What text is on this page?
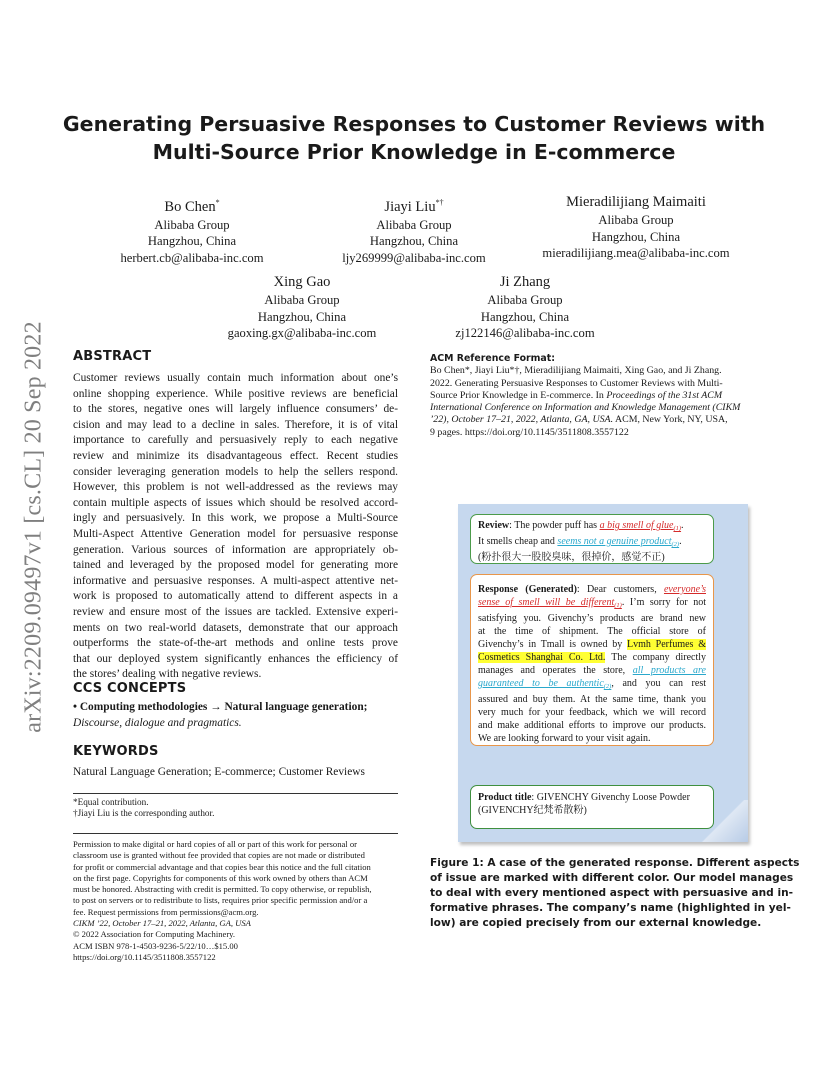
arXiv:2209.09497v1 [cs.CL] 20 Sep 2022
Generating Persuasive Responses to Customer Reviews with
Multi-Source Prior Knowledge in E-commerce
Bo Chen*
Alibaba Group
Hangzhou, China
herbert.cb@alibaba-inc.com
Jiayi Liu*†
Alibaba Group
Hangzhou, China
ljy269999@alibaba-inc.com
Mieradilijiang Maimaiti
Alibaba Group
Hangzhou, China
mieradilijiang.mea@alibaba-inc.com
Xing Gao
Alibaba Group
Hangzhou, China
gaoxing.gx@alibaba-inc.com
Ji Zhang
Alibaba Group
Hangzhou, China
zj122146@alibaba-inc.com
ABSTRACT
Customer reviews usually contain much information about one’s
online shopping experience. While positive reviews are beneficial
to the stores, negative ones will largely influence consumers’ de-
cision and may lead to a decline in sales. Therefore, it is of vital
importance to carefully and persuasively reply to each negative
review and minimize its disadvantageous effect. Recent studies
consider leveraging generation models to help the sellers respond.
However, this problem is not well-addressed as the reviews may
contain multiple aspects of issues which should be resolved accord-
ingly and persuasively. In this work, we propose a Multi-Source
Multi-Aspect Attentive Generation model for persuasive response
generation. Various sources of information are appropriately ob-
tained and leveraged by the proposed model for generating more
informative and persuasive responses. A multi-aspect attentive net-
work is proposed to automatically attend to different aspects in a
review and ensure most of the issues are tackled. Extensive experi-
ments on two real-world datasets, demonstrate that our approach
outperforms the state-of-the-art methods and online tests prove
that our deployed system significantly enhances the efficiency of
the stores’ dealing with negative reviews.
CCS CONCEPTS
• Computing methodologies → Natural language generation;
Discourse, dialogue and pragmatics.
KEYWORDS
Natural Language Generation; E-commerce; Customer Reviews
*Equal contribution.
†Jiayi Liu is the corresponding author.
Permission to make digital or hard copies of all or part of this work for personal or
classroom use is granted without fee provided that copies are not made or distributed
for profit or commercial advantage and that copies bear this notice and the full citation
on the first page. Copyrights for components of this work owned by others than ACM
must be honored. Abstracting with credit is permitted. To copy otherwise, or republish,
to post on servers or to redistribute to lists, requires prior specific permission and/or a
fee. Request permissions from permissions@acm.org.
CIKM ’22, October 17–21, 2022, Atlanta, GA, USA
© 2022 Association for Computing Machinery.
ACM ISBN 978-1-4503-9236-5/22/10…$15.00
https://doi.org/10.1145/3511808.3557122
ACM Reference Format:
Bo Chen*, Jiayi Liu*†, Mieradilijiang Maimaiti, Xing Gao, and Ji Zhang.
2022. Generating Persuasive Responses to Customer Reviews with Multi-
Source Prior Knowledge in E-commerce. In Proceedings of the 31st ACM
International Conference on Information and Knowledge Management (CIKM
’22), October 17–21, 2022, Atlanta, GA, USA. ACM, New York, NY, USA,
9 pages. https://doi.org/10.1145/3511808.3557122
Review: The powder puff has a big smell of glue$_{(1)}$.
It smells cheap and seems not a genuine product$_{(2)}$.
(粉扑很大一股胶臭味，很掉价，感觉不正)
Response (Generated): Dear customers, everyone’s
sense of smell will be different$_{(1)}$. I’m sorry for not
satisfying you. Givenchy’s products are brand new
at the time of shipment. The official store of
Givenchy’s in Tmall is owned by Lvmh Perfumes &
Cosmetics Shanghai Co. Ltd. The company directly
manages and operates the store, all products are
guaranteed to be authentic$_{(2)}$, and you can rest
assured and buy them. At the same time, thank you
very much for your feedback, which we will record
and make additional efforts to improve our products.
We are looking forward to your visit again.
Product title: GIVENCHY Givenchy Loose Powder
(GIVENCHY纪梵希散粉)
Figure 1: A case of the generated response. Different aspects
of issue are marked with different color. Our model manages
to deal with every mentioned aspect with persuasive and in-
formative phrases. The company’s name (highlighted in yel-
low) are copied precisely from our external knowledge.
